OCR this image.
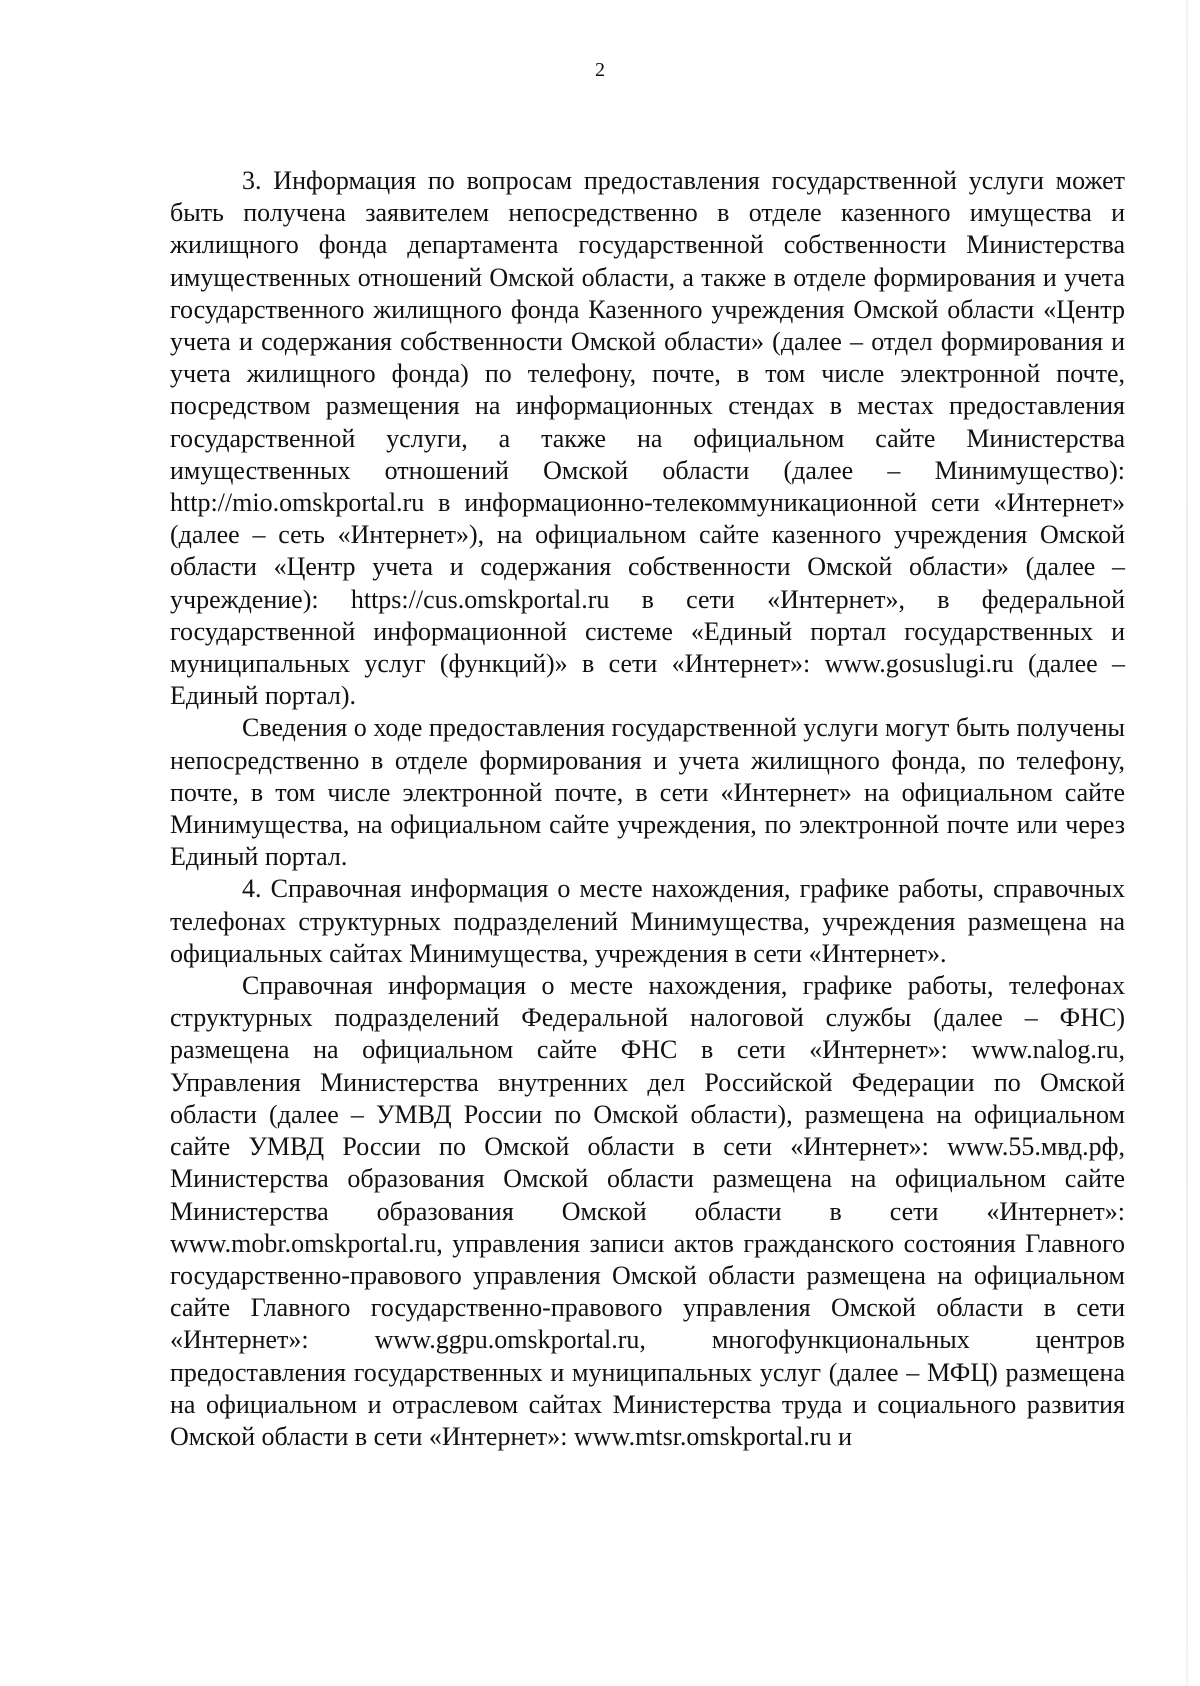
2

3. Информация по вопросам предоставления государственной услуги может быть получена заявителем непосредственно в отделе казенного имущества и жилищного фонда департамента государственной собственности Министерства имущественных отношений Омской области, а также в отделе формирования и учета государственного жилищного фонда Казенного учреждения Омской области «Центр учета и содержания собственности Омской области» (далее – отдел формирования и учета жилищного фонда) по телефону, почте, в том числе электронной почте, посредством размещения на информационных стендах в местах предоставления государственной услуги, а также на официальном сайте Министерства имущественных отношений Омской области (далее – Минимущество): http://mio.omskportal.ru в информационно-телекоммуникационной сети «Интернет» (далее – сеть «Интернет»), на официальном сайте казенного учреждения Омской области «Центр учета и содержания собственности Омской области» (далее – учреждение): https://cus.omskportal.ru в сети «Интернет», в федеральной государственной информационной системе «Единый портал государственных и муниципальных услуг (функций)» в сети «Интернет»: www.gosuslugi.ru (далее – Единый портал).

Сведения о ходе предоставления государственной услуги могут быть получены непосредственно в отделе формирования и учета жилищного фонда, по телефону, почте, в том числе электронной почте, в сети «Интернет» на официальном сайте Минимущества, на официальном сайте учреждения, по электронной почте или через Единый портал.

4. Справочная информация о месте нахождения, графике работы, справочных телефонах структурных подразделений Минимущества, учреждения размещена на официальных сайтах Минимущества, учреждения в сети «Интернет».

Справочная информация о месте нахождения, графике работы, телефонах структурных подразделений Федеральной налоговой службы (далее – ФНС) размещена на официальном сайте ФНС в сети «Интернет»: www.nalog.ru, Управления Министерства внутренних дел Российской Федерации по Омской области (далее – УМВД России по Омской области), размещена на официальном сайте УМВД России по Омской области в сети «Интернет»: www.55.мвд.рф, Министерства образования Омской области размещена на официальном сайте Министерства образования Омской области в сети «Интернет»: www.mobr.omskportal.ru, управления записи актов гражданского состояния Главного государственно-правового управления Омской области размещена на официальном сайте Главного государственно-правового управления Омской области в сети «Интернет»: www.ggpu.omskportal.ru, многофункциональных центров предоставления государственных и муниципальных услуг (далее – МФЦ) размещена на официальном и отраслевом сайтах Министерства труда и социального развития Омской области в сети «Интернет»: www.mtsr.omskportal.ru и
